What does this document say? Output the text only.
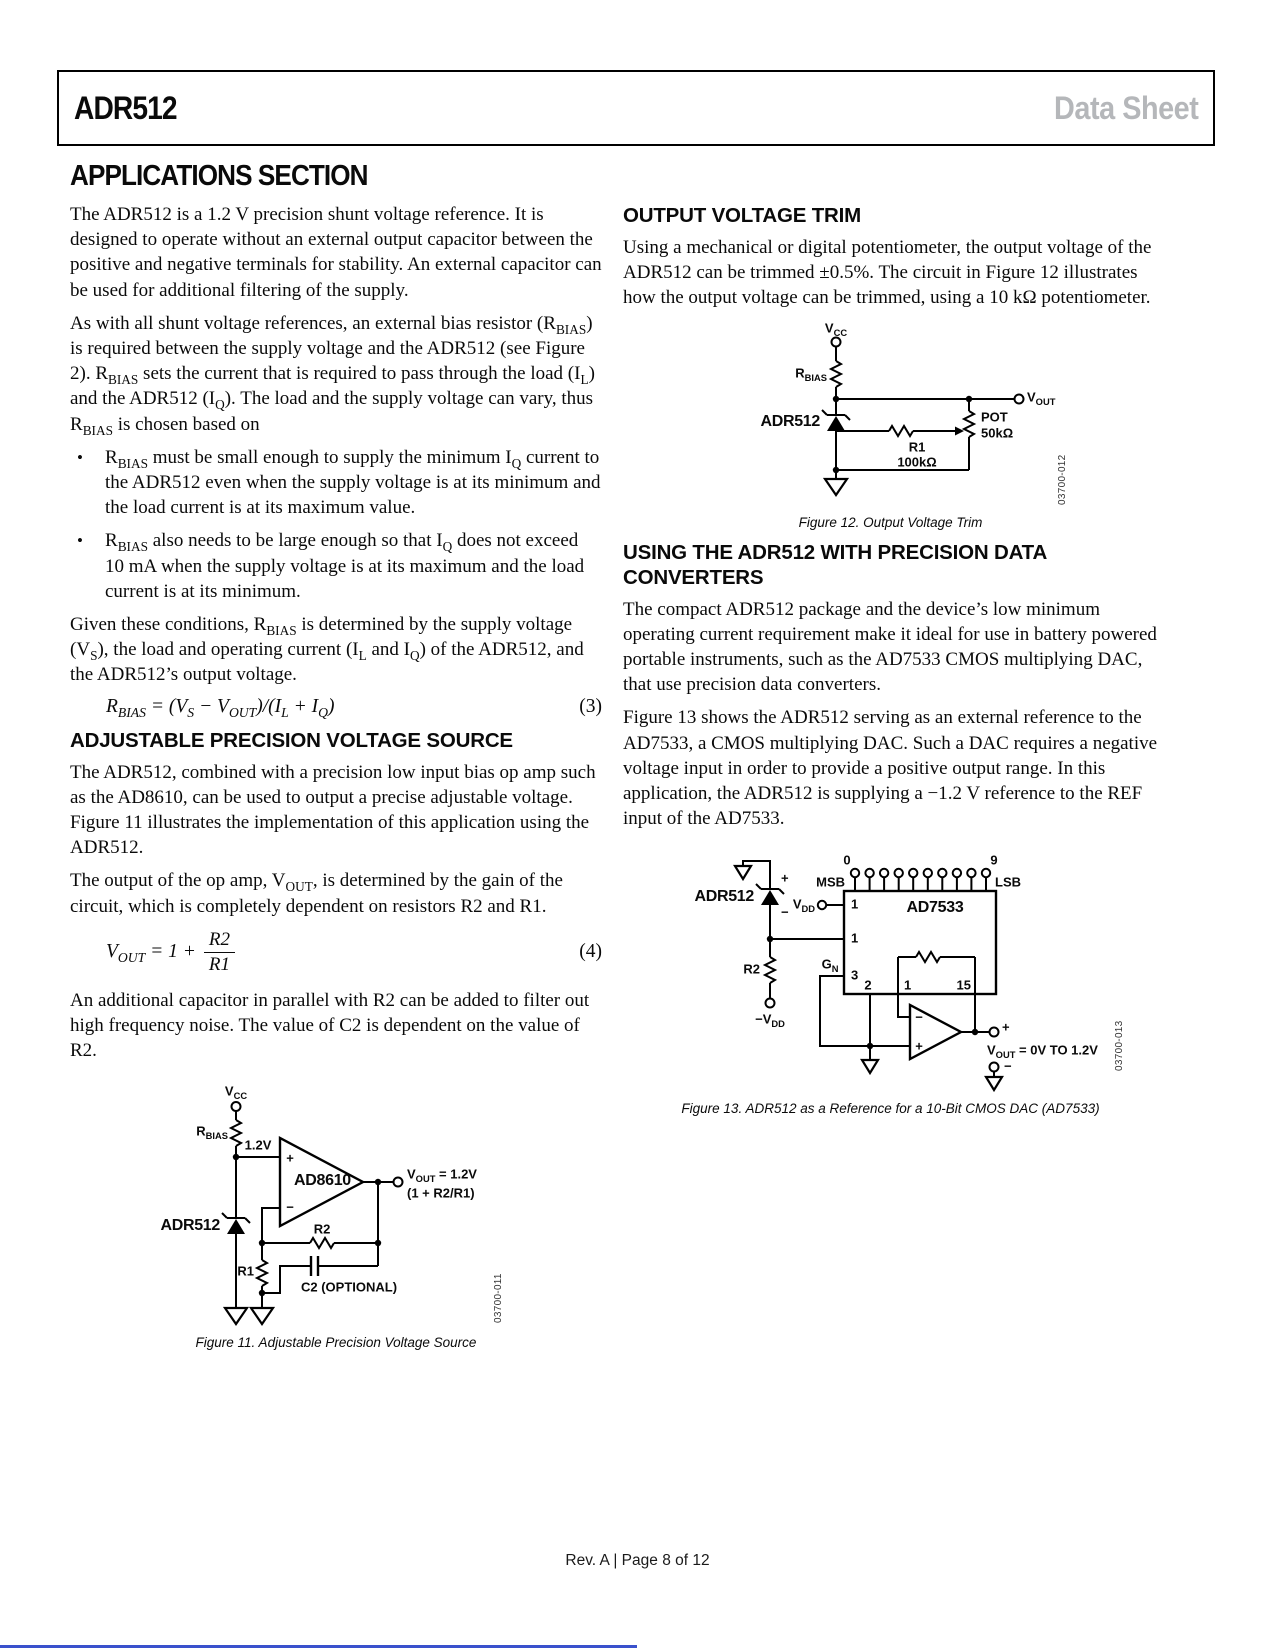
ADR512	Data Sheet
APPLICATIONS SECTION

The ADR512 is a 1.2 V precision shunt voltage reference. It is designed to operate without an external output capacitor between the positive and negative terminals for stability. An external capacitor can be used for additional filtering of the supply.

As with all shunt voltage references, an external bias resistor $(R_{BIAS})$ is required between the supply voltage and the ADR512 (see Figure 2). $R_{BIAS}$ sets the current that is required to pass through the load $(I_L)$ and the ADR512 $(I_Q)$. The load and the supply voltage can vary, thus $R_{BIAS}$ is chosen based on

•	$R_{BIAS}$ must be small enough to supply the minimum $I_Q$ current to the ADR512 even when the supply voltage is at its minimum and the load current is at its maximum value.
•	$R_{BIAS}$ also needs to be large enough so that $I_Q$ does not exceed 10 mA when the supply voltage is at its maximum and the load current is at its minimum.

Given these conditions, $R_{BIAS}$ is determined by the supply voltage $(V_S)$, the load and operating current ($I_L$ and $I_Q$) of the ADR512, and the ADR512’s output voltage.

$R_{BIAS} = (V_S - V_{OUT})/(I_L + I_Q)$	(3)
ADJUSTABLE PRECISION VOLTAGE SOURCE

The ADR512, combined with a precision low input bias op amp such as the AD8610, can be used to output a precise adjustable voltage. Figure 11 illustrates the implementation of this application using the ADR512.

The output of the op amp, $V_{OUT}$, is determined by the gain of the circuit, which is completely dependent on resistors R2 and R1.

$V_{OUT} = 1 + \frac{R2}{R1}$	(4)

An additional capacitor in parallel with R2 can be added to filter out high frequency noise. The value of C2 is dependent on the value of R2.

$V_{CC}$
$R_{BIAS}$
1.2V
+
−
AD8610
ADR512	R2
R1
C2 (OPTIONAL)
$V_{OUT} = 1.2V$
(1 + R2/R1)
03700-011
Figure 11. Adjustable Precision Voltage Source
OUTPUT VOLTAGE TRIM

Using a mechanical or digital potentiometer, the output voltage of the ADR512 can be trimmed ±0.5%. The circuit in Figure 12 illustrates how the output voltage can be trimmed, using a 10 kΩ potentiometer.

$V_{CC}$
$R_{BIAS}$
ADR512
$V_{OUT}$
POT
50kΩ
R1
100kΩ	03700-012
Figure 12. Output Voltage Trim
USING THE ADR512 WITH PRECISION DATA
CONVERTERS

The compact ADR512 package and the device’s low minimum operating current requirement make it ideal for use in battery powered portable instruments, such as the AD7533 CMOS multiplying DAC, that use precision data converters.

Figure 13 shows the ADR512 serving as an external reference to the AD7533, a CMOS multiplying DAC. Such a DAC requires a negative voltage input in order to provide a positive output range. In this application, the ADR512 is supplying a −1.2 V reference to the REF input of the AD7533.

ADR512
+
−
$V_{DD}$
0	9
MSB	LSB
AD7533
1
1
3
$G_N$
2 1	15
R2
$-V_{DD}$	−
+
+
$V_{OUT} = 0V$ TO 1.2V
−	03700-013
Figure 13. ADR512 as a Reference for a 10-Bit CMOS DAC (AD7533)
Rev. A | Page 8 of 12
